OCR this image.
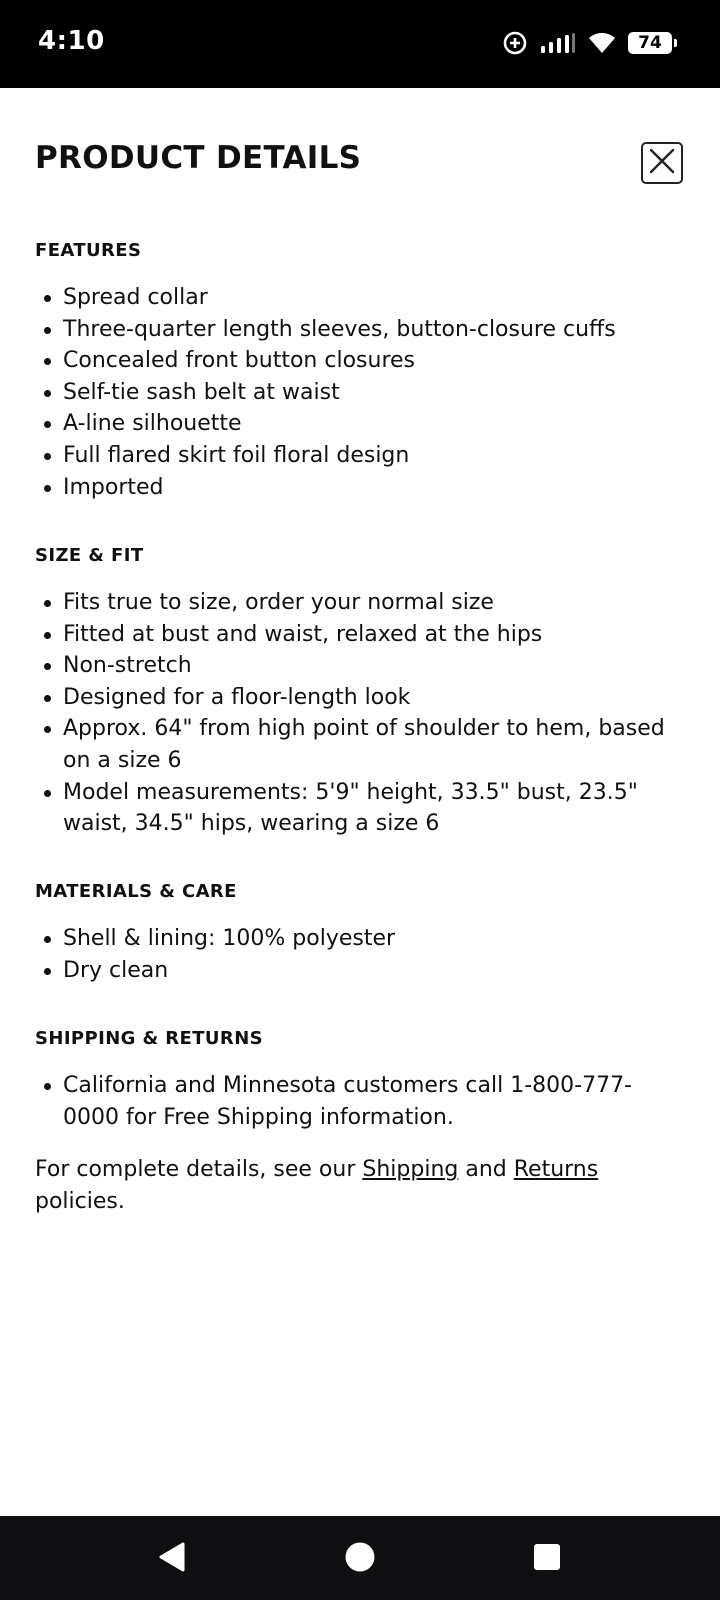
4:10	74
PRODUCT DETAILS
FEATURES
Spread collar
Three-quarter length sleeves, button-closure cuffs
Concealed front button closures
Self-tie sash belt at waist
A-line silhouette
Full flared skirt foil floral design
Imported
SIZE & FIT
Fits true to size, order your normal size
Fitted at bust and waist, relaxed at the hips
Non-stretch
Designed for a floor-length look
Approx. 64" from high point of shoulder to hem, based on a size 6
Model measurements: 5'9" height, 33.5" bust, 23.5" waist, 34.5" hips, wearing a size 6
MATERIALS & CARE
Shell & lining: 100% polyester
Dry clean
SHIPPING & RETURNS
California and Minnesota customers call 1-800-777-0000 for Free Shipping information.

For complete details, see our Shipping and Returns policies.
